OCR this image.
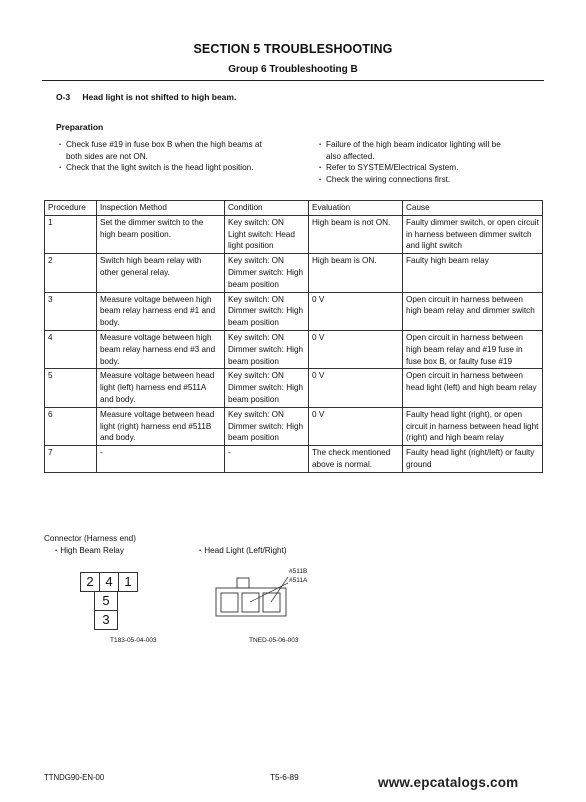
SECTION 5 TROUBLESHOOTING
Group 6 Troubleshooting B
O-3 Head light is not shifted to high beam.
Preparation
・ Check fuse #19 in fuse box B when the high beams at
both sides are not ON.
・ Check that the light switch is the head light position.
・ Failure of the high beam indicator lighting will be
also affected.
・ Refer to SYSTEM/Electrical System.
・ Check the wiring connections first.
Procedure	Inspection Method	Condition	Evaluation	Cause
1	Set the dimmer switch to the high beam position.	Key switch: ON
Light switch: Head light position	High beam is not ON.	Faulty dimmer switch, or open circuit in harness between dimmer switch and light switch
2	Switch high beam relay with other general relay.	Key switch: ON
Dimmer switch: High beam position	High beam is ON.	Faulty high beam relay
3	Measure voltage between high beam relay harness end #1 and body.	Key switch: ON
Dimmer switch: High beam position	0 V	Open circuit in harness between high beam relay and dimmer switch
4	Measure voltage between high beam relay harness end #3 and body.	Key switch: ON
Dimmer switch: High beam position	0 V	Open circuit in harness between high beam relay and #19 fuse in fuse box B, or faulty fuse #19
5	Measure voltage between head light (left) harness end #511A and body.	Key switch: ON
Dimmer switch: High beam position	0 V	Open circuit in harness between head light (left) and high beam relay
6	Measure voltage between head light (right) harness end #511B and body.	Key switch: ON
Dimmer switch: High beam position	0 V	Faulty head light (right), or open circuit in harness between head light (right) and high beam relay
7	-	-	The check mentioned above is normal.	Faulty head light (right/left) or faulty ground
Connector (Harness end)
・High Beam Relay	・Head Light (Left/Right)
2 4 1
5
3
T183-05-04-003
#511B
#511A
TNED-05-06-003
TTNDG90-EN-00	T5-6-89	www.epcatalogs.com
